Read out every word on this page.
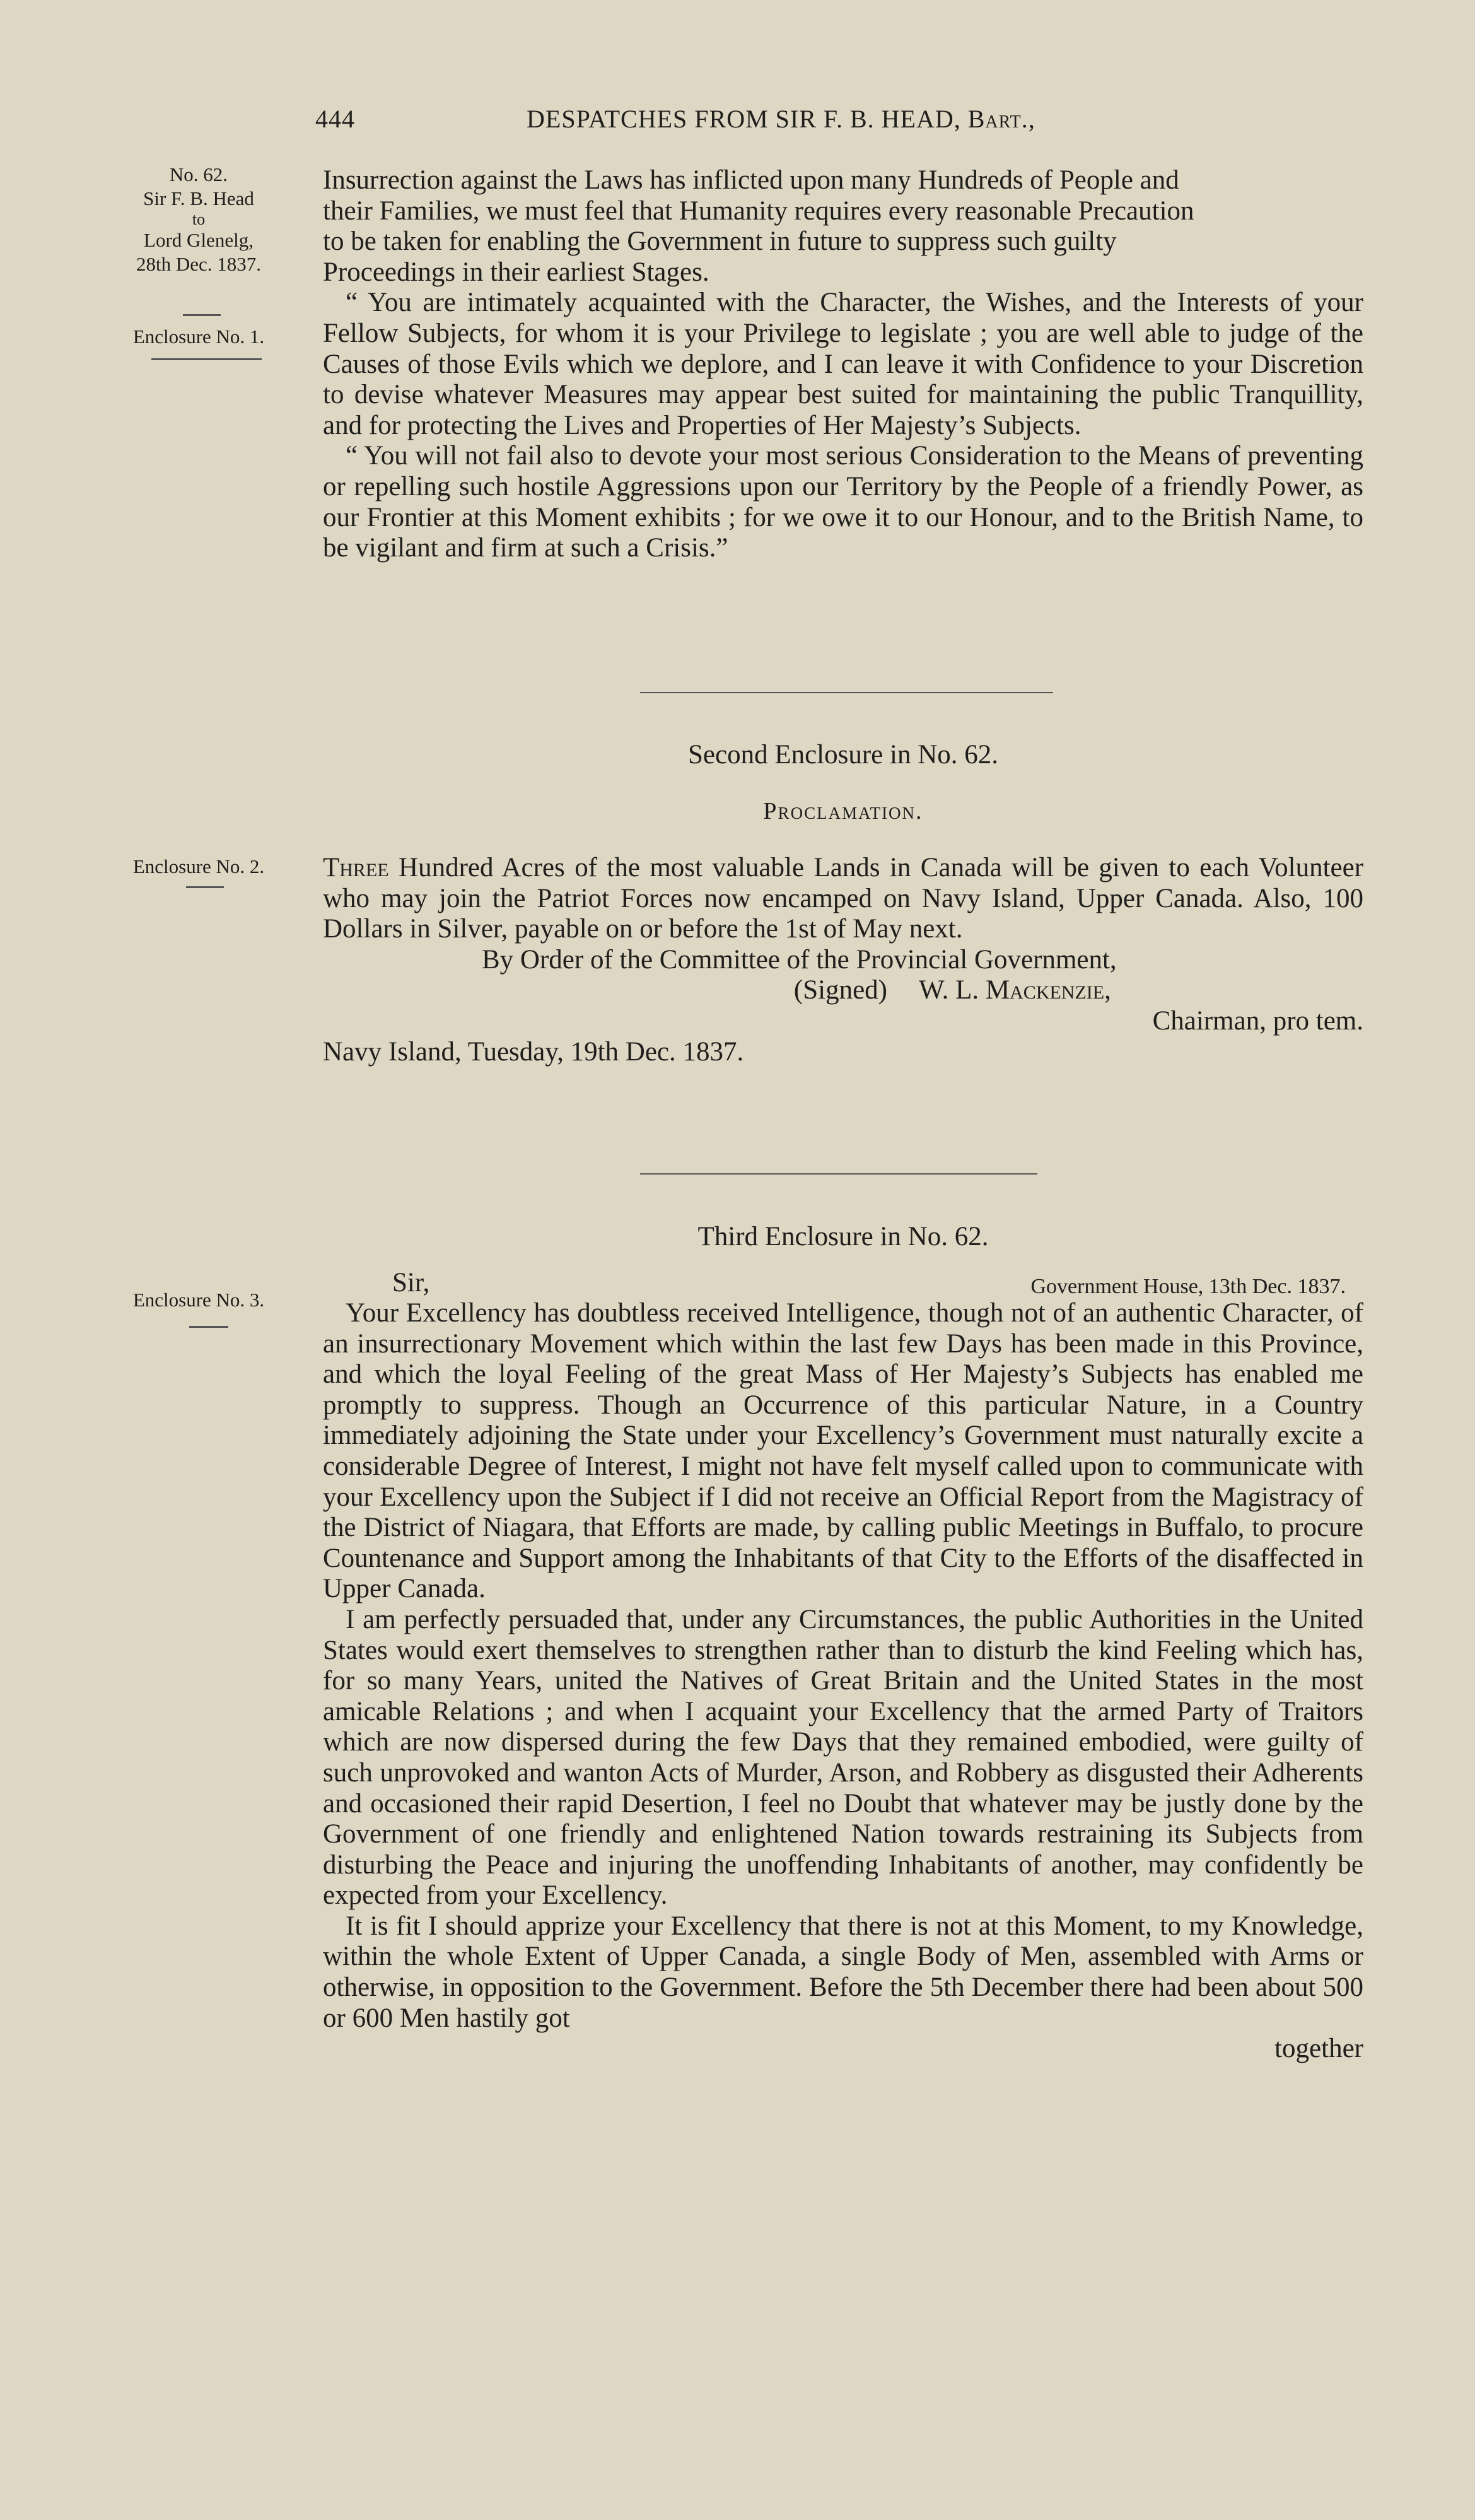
444	DESPATCHES FROM SIR F. B. HEAD, Bart.,
No. 62.
Sir F. B. Head
to
Lord Glenelg,
28th Dec. 1837.
Enclosure No. 1.
Enclosure No. 2.
Enclosure No. 3.

Insurrection against the Laws has inflicted upon many Hundreds of People and

their Families, we must feel that Humanity requires every reasonable Precaution

to be taken for enabling the Government in future to suppress such guilty

Proceedings in their earliest Stages.

“ You are intimately acquainted with the Character, the Wishes, and the Interests of your Fellow Subjects, for whom it is your Privilege to legislate ; you are well able to judge of the Causes of those Evils which we deplore, and I can leave it with Confidence to your Discretion to devise whatever Measures may appear best suited for maintaining the public Tranquillity, and for protecting the Lives and Properties of Her Majesty’s Subjects.

“ You will not fail also to devote your most serious Consideration to the Means of preventing or repelling such hostile Aggressions upon our Territory by the People of a friendly Power, as our Frontier at this Moment exhibits ; for we owe it to our Honour, and to the British Name, to be vigilant and firm at such a Crisis.”

Second Enclosure in No. 62.
Proclamation.

Three Hundred Acres of the most valuable Lands in Canada will be given to each Volunteer who may join the Patriot Forces now encamped on Navy Island, Upper Canada. Also, 100 Dollars in Silver, payable on or before the 1st of May next.

By Order of the Committee of the Provincial Government,

(Signed) W. L. Mackenzie,

Chairman, pro tem.

Navy Island, Tuesday, 19th Dec. 1837.

Third Enclosure in No. 62.

Sir,	Government House, 13th Dec. 1837.

Your Excellency has doubtless received Intelligence, though not of an authentic Character, of an insurrectionary Movement which within the last few Days has been made in this Province, and which the loyal Feeling of the great Mass of Her Majesty’s Subjects has enabled me promptly to suppress. Though an Occurrence of this particular Nature, in a Country immediately adjoining the State under your Excellency’s Government must naturally excite a considerable Degree of Interest, I might not have felt myself called upon to communicate with your Excellency upon the Subject if I did not receive an Official Report from the Magistracy of the District of Niagara, that Efforts are made, by calling public Meetings in Buffalo, to procure Countenance and Support among the Inhabitants of that City to the Efforts of the disaffected in Upper Canada.

I am perfectly persuaded that, under any Circumstances, the public Authorities in the United States would exert themselves to strengthen rather than to disturb the kind Feeling which has, for so many Years, united the Natives of Great Britain and the United States in the most amicable Relations ; and when I acquaint your Excellency that the armed Party of Traitors which are now dispersed during the few Days that they remained embodied, were guilty of such unprovoked and wanton Acts of Murder, Arson, and Robbery as disgusted their Adherents and occasioned their rapid Desertion, I feel no Doubt that whatever may be justly done by the Government of one friendly and enlightened Nation towards restraining its Subjects from disturbing the Peace and injuring the unoffending Inhabitants of another, may confidently be expected from your Excellency.

It is fit I should apprize your Excellency that there is not at this Moment, to my Knowledge, within the whole Extent of Upper Canada, a single Body of Men, assembled with Arms or otherwise, in opposition to the Government. Before the 5th December there had been about 500 or 600 Men hastily got

together
